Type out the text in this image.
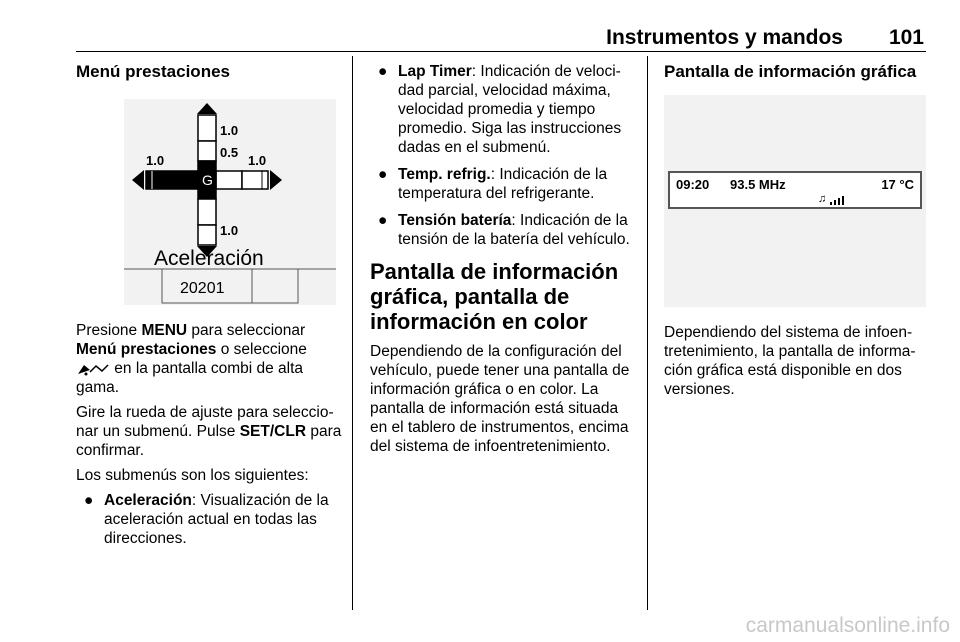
Instrumentos y mandos 101
Menú prestaciones
1.0
0.5
1.0	1.0
1.0
G
Aceleración
20201

Presione MENU para seleccionar Menú prestaciones o seleccione
en la pantalla combi de alta gama.

Gire la rueda de ajuste para seleccio‐nar un submenú. Pulse SET/CLR para confirmar.

Los submenús son los siguientes:

● Aceleración: Visualización de la aceleración actual en todas las direcciones.
● Lap Timer: Indicación de veloci‐dad parcial, velocidad máxima, velocidad promedia y tiempo promedio. Siga las instrucciones dadas en el submenú.
● Temp. refrig.: Indicación de la temperatura del refrigerante.
● Tensión batería: Indicación de la tensión de la batería del vehículo.
Pantalla de información gráfica, pantalla de información en color

Dependiendo de la configuración del vehículo, puede tener una pantalla de información gráfica o en color. La pantalla de información está situada en el tablero de instrumentos, encima del sistema de infoentretenimiento.

Pantalla de información gráfica
09:20 93.5 MHz	17 °C
♫

Dependiendo del sistema de infoen‐tretenimiento, la pantalla de informa‐ción gráfica está disponible en dos versiones.

carmanualsonline.info
